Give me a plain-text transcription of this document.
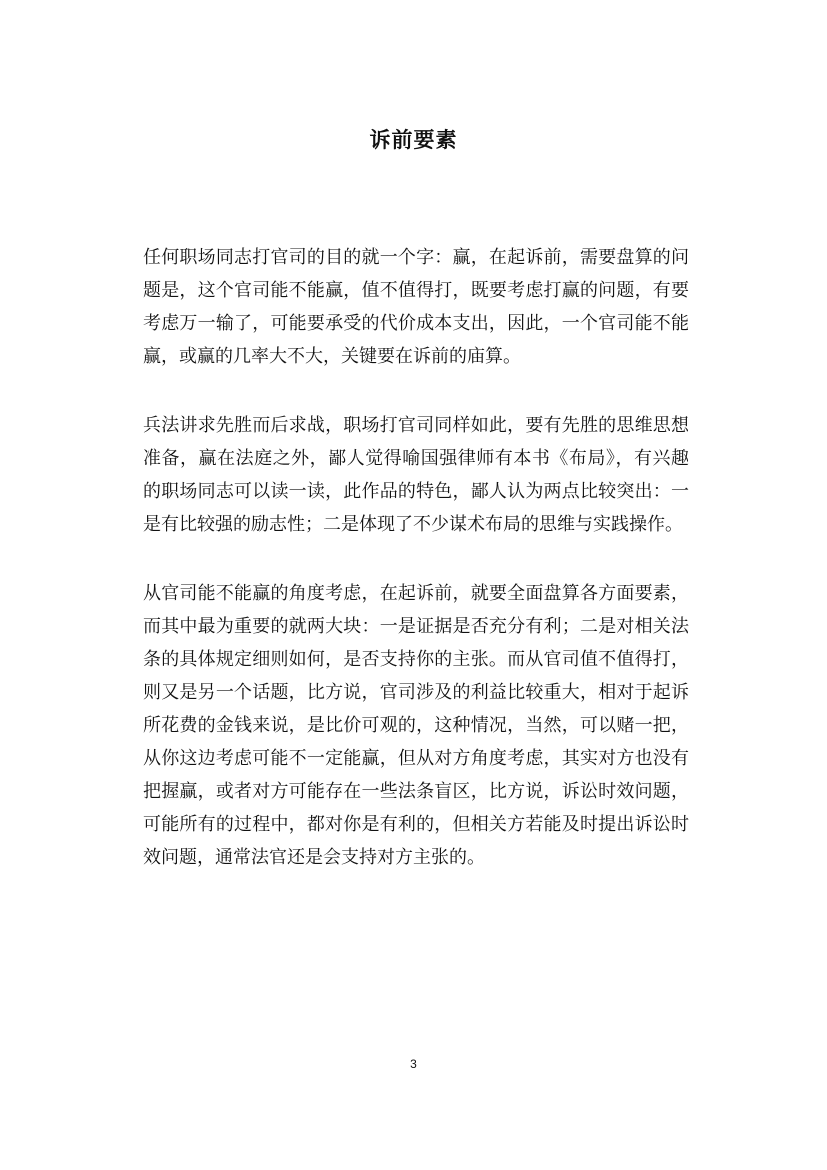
诉前要素

任何职场同志打官司的目的就一个字：赢，在起诉前，需要盘算的问题是，这个官司能不能赢，值不值得打，既要考虑打赢的问题，有要考虑万一输了，可能要承受的代价成本支出，因此，一个官司能不能赢，或赢的几率大不大，关键要在诉前的庙算。

兵法讲求先胜而后求战，职场打官司同样如此，要有先胜的思维思想准备，赢在法庭之外，鄙人觉得喻国强律师有本书《布局》，有兴趣的职场同志可以读一读，此作品的特色，鄙人认为两点比较突出：一是有比较强的励志性；二是体现了不少谋术布局的思维与实践操作。

从官司能不能赢的角度考虑，在起诉前，就要全面盘算各方面要素，而其中最为重要的就两大块：一是证据是否充分有利；二是对相关法条的具体规定细则如何，是否支持你的主张。而从官司值不值得打，则又是另一个话题，比方说，官司涉及的利益比较重大，相对于起诉所花费的金钱来说，是比价可观的，这种情况，当然，可以赌一把，从你这边考虑可能不一定能赢，但从对方角度考虑，其实对方也没有把握赢，或者对方可能存在一些法条盲区，比方说，诉讼时效问题，可能所有的过程中，都对你是有利的，但相关方若能及时提出诉讼时效问题，通常法官还是会支持对方主张的。

3
